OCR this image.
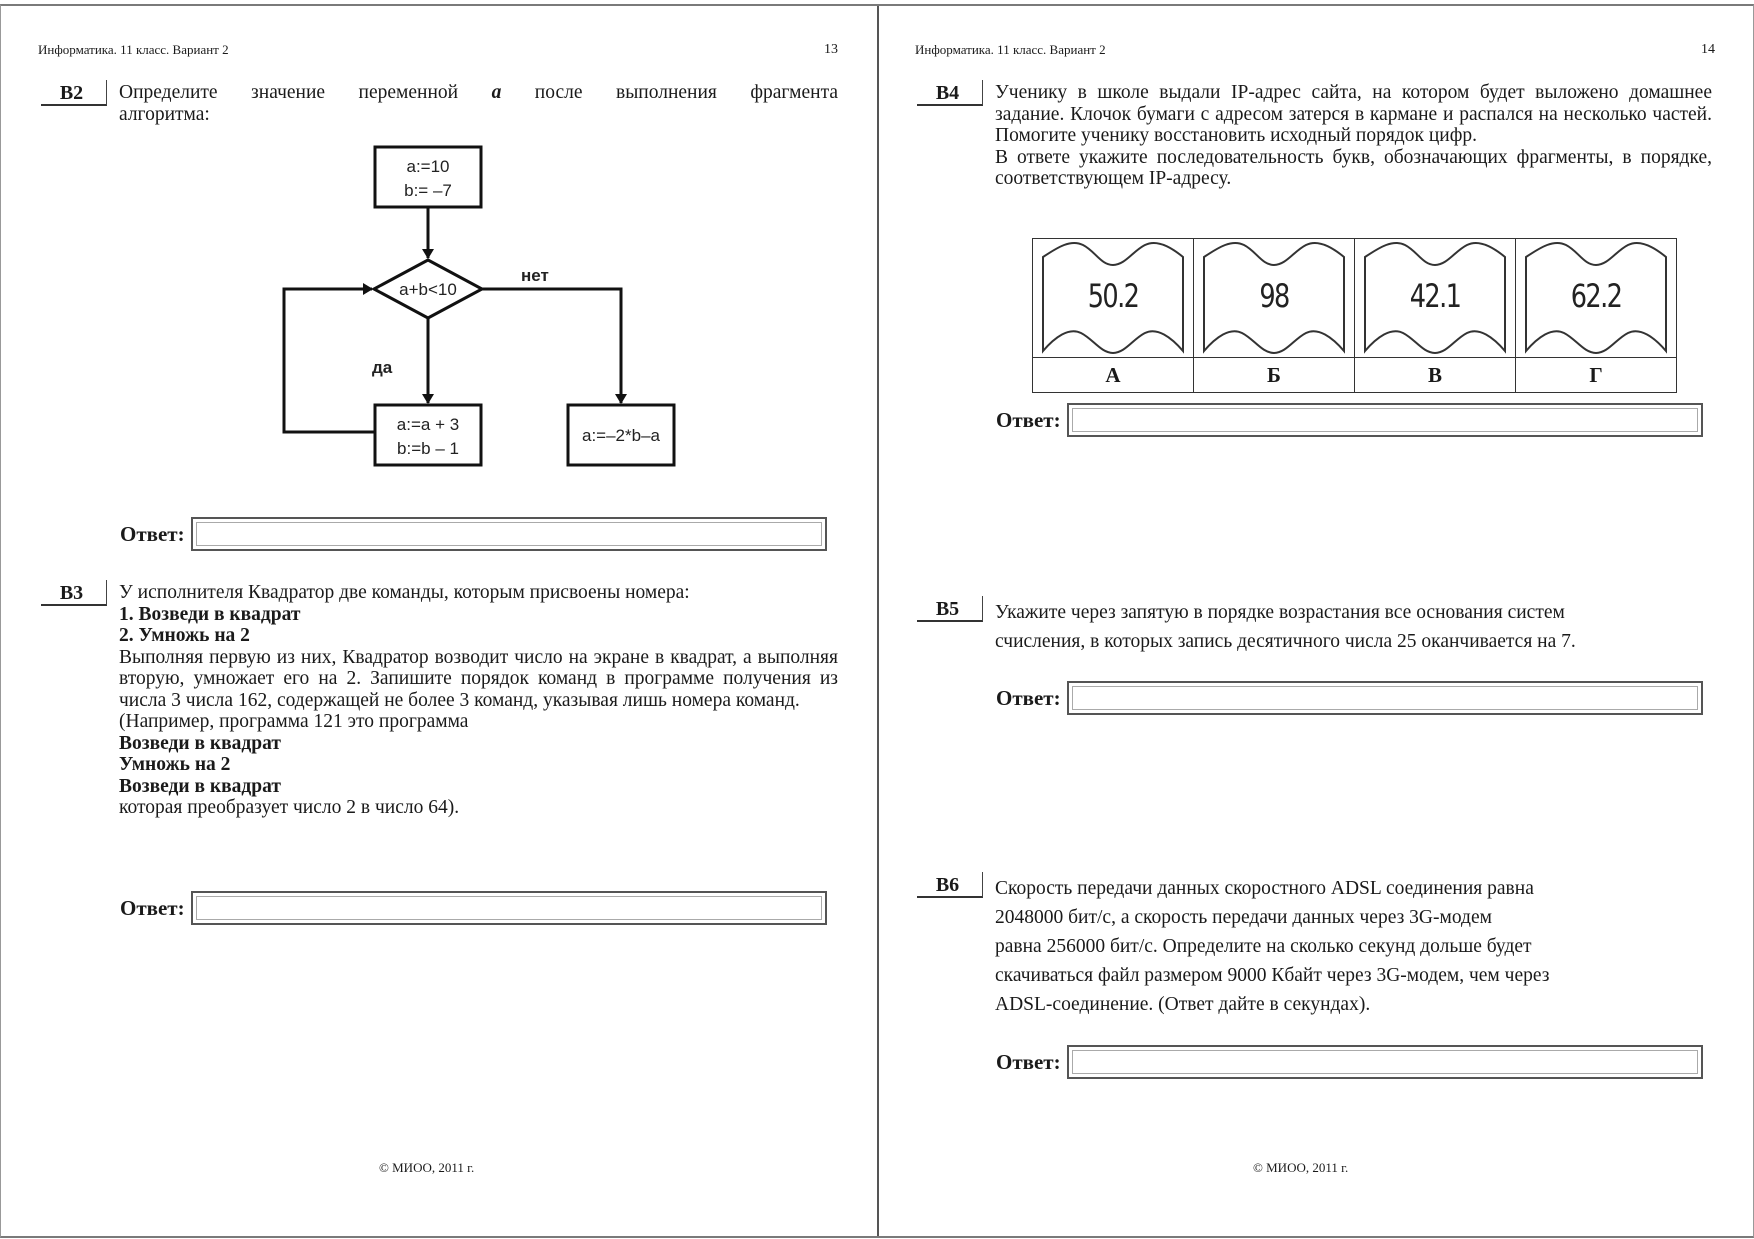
Информатика. 11 класс. Вариант 2	13
B2	Определите значение переменной a после выполнения фрагмента

алгоритма:

a:=10
b:= –7
a+b<10
нет
да
a:=a + 3
b:=b – 1
a:=–2*b–a
Ответ:
B3	У исполнителя Квадратор две команды, которым присвоены номера:

1. Возведи в квадрат

2. Умножь на 2

Выполняя первую из них, Квадратор возводит число на экране в квадрат, а выполняя вторую, умножает его на 2. Запишите порядок команд в программе получения из числа 3 числа 162, содержащей не более 3 команд, указывая лишь номера команд.

(Например, программа 121 это программа

Возведи в квадрат

Умножь на 2

Возведи в квадрат

которая преобразует число 2 в число 64).

Ответ:
© МИОО, 2011 г.
Информатика. 11 класс. Вариант 2	14
B4	Ученику в школе выдали IP-адрес сайта, на котором будет выложено домашнее задание. Клочок бумаги с адресом затерся в кармане и распался на несколько частей. Помогите ученику восстановить исходный порядок цифр.

В ответе укажите последовательность букв, обозначающих фрагменты, в порядке, соответствующем IP-адресу.

50.2	98	42.1	62.2

А	Б	В	Г
Ответ:
B5	Укажите через запятую в порядке возрастания все основания систем

счисления, в которых запись десятичного числа 25 оканчивается на 7.

Ответ:
B6	Скорость передачи данных скоростного ADSL соединения равна

2048000 бит/с, а скорость передачи данных через 3G-модем

равна 256000 бит/с. Определите на сколько секунд дольше будет

скачиваться файл размером 9000 Кбайт через 3G-модем, чем через

ADSL-соединение. (Ответ дайте в секундах).

Ответ:
© МИОО, 2011 г.
